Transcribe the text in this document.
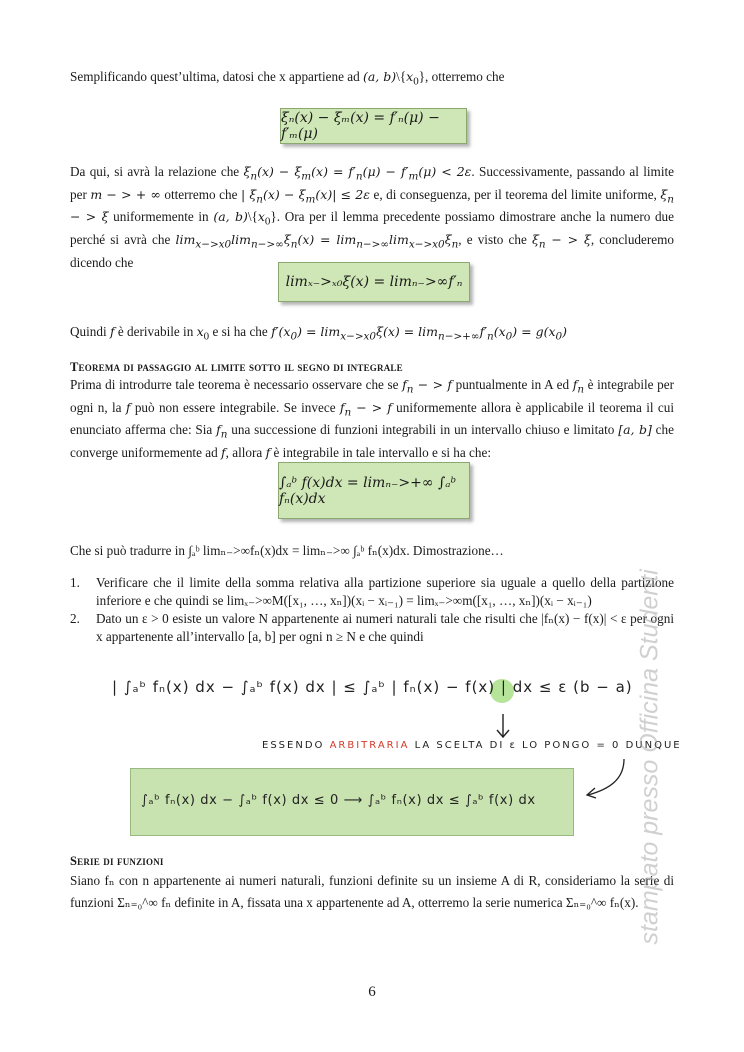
Semplificando quest’ultima, datosi che x appartiene ad (a, $b)\backslash\{x_0\}$, otterremo che
ξₙ(x) − ξₘ(x) = f′ₙ(μ) − f′ₘ(μ)
Da qui, si avrà la relazione che $\xi_n(x) - \xi_m(x) = f'_n(\mu) - f'_m(\mu) < 2\varepsilon$. Successivamente, passando al limite per m − > + ∞ otterremo che | $\xi_n(x) - \xi_m(x)| \le 2\varepsilon$ e, di conseguenza, per il teorema del limite uniforme, $\xi_n$ − > ξ uniformemente in (a, $b)\backslash\{x_0\}$. Ora per il lemma precedente possiamo dimostrare anche la numero due perché si avrà che $\lim_{x->x0}\lim_{n->\infty}\xi_n(x) = \lim_{n->\infty}\lim_{x->x0}\xi_n$, e visto che $\xi_n$ − > ξ, concluderemo dicendo che
limₓ₋>ₓ₀ξ(x) = limₙ₋>∞f′ₙ
Quindi f è derivabile in $x_0$ e si ha che $f'(x_0) = \lim_{x->x0}\xi(x) = \lim_{n->+\infty}f'_n(x_0) = g(x_0)$
Teorema di passaggio al limite sotto il segno di integrale
Prima di introdurre tale teorema è necessario osservare che se $f_n$ − > f puntualmente in A ed $f_n$ è integrabile per ogni n, la f può non essere integrabile. Se invece $f_n$ − > f uniformemente allora è applicabile il teorema il cui enunciato afferma che: Sia $f_n$ una successione di funzioni integrabili in un intervallo chiuso e limitato [a, b] che converge uniformemente ad f, allora f è integrabile in tale intervallo e si ha che:
∫ₐᵇ f(x)dx = limₙ₋>+∞ ∫ₐᵇ fₙ(x)dx
Che si può tradurre in ∫ₐᵇ limₙ₋>∞fₙ(x)dx = limₙ₋>∞ ∫ₐᵇ fₙ(x)dx. Dimostrazione…
1. Verificare che il limite della somma relativa alla partizione superiore sia uguale a quello della partizione inferiore e che quindi se limₓ₋>∞M([x₁, …, xₙ])(xᵢ − xᵢ₋₁) = limₓ₋>∞m([x₁, …, xₙ])(xᵢ − xᵢ₋₁)
2. Dato un ε > 0 esiste un valore N appartenente ai numeri naturali tale che risulti che |fₙ(x) − f(x)| < ε per ogni x appartenente all’intervallo [a, b] per ogni n ≥ N e che quindi
| ∫ₐᵇ fₙ(x) dx − ∫ₐᵇ f(x) dx | ≤ ∫ₐᵇ | fₙ(x) − f(x) | dx ≤ ε (b − a)
ESSENDO ARBITRARIA LA SCELTA DI ε LO PONGO = 0 DUNQUE
∫ₐᵇ fₙ(x) dx − ∫ₐᵇ f(x) dx ≤ 0 ⟶ ∫ₐᵇ fₙ(x) dx ≤ ∫ₐᵇ f(x) dx
Serie di funzioni
Siano fₙ con n appartenente ai numeri naturali, funzioni definite su un insieme A di R, consideriamo la serie di funzioni Σₙ₌₀^∞ fₙ definite in A, fissata una x appartenente ad A, otterremo la serie numerica Σₙ₌₀^∞ fₙ(x).
stampato presso Officina Studenti
6
